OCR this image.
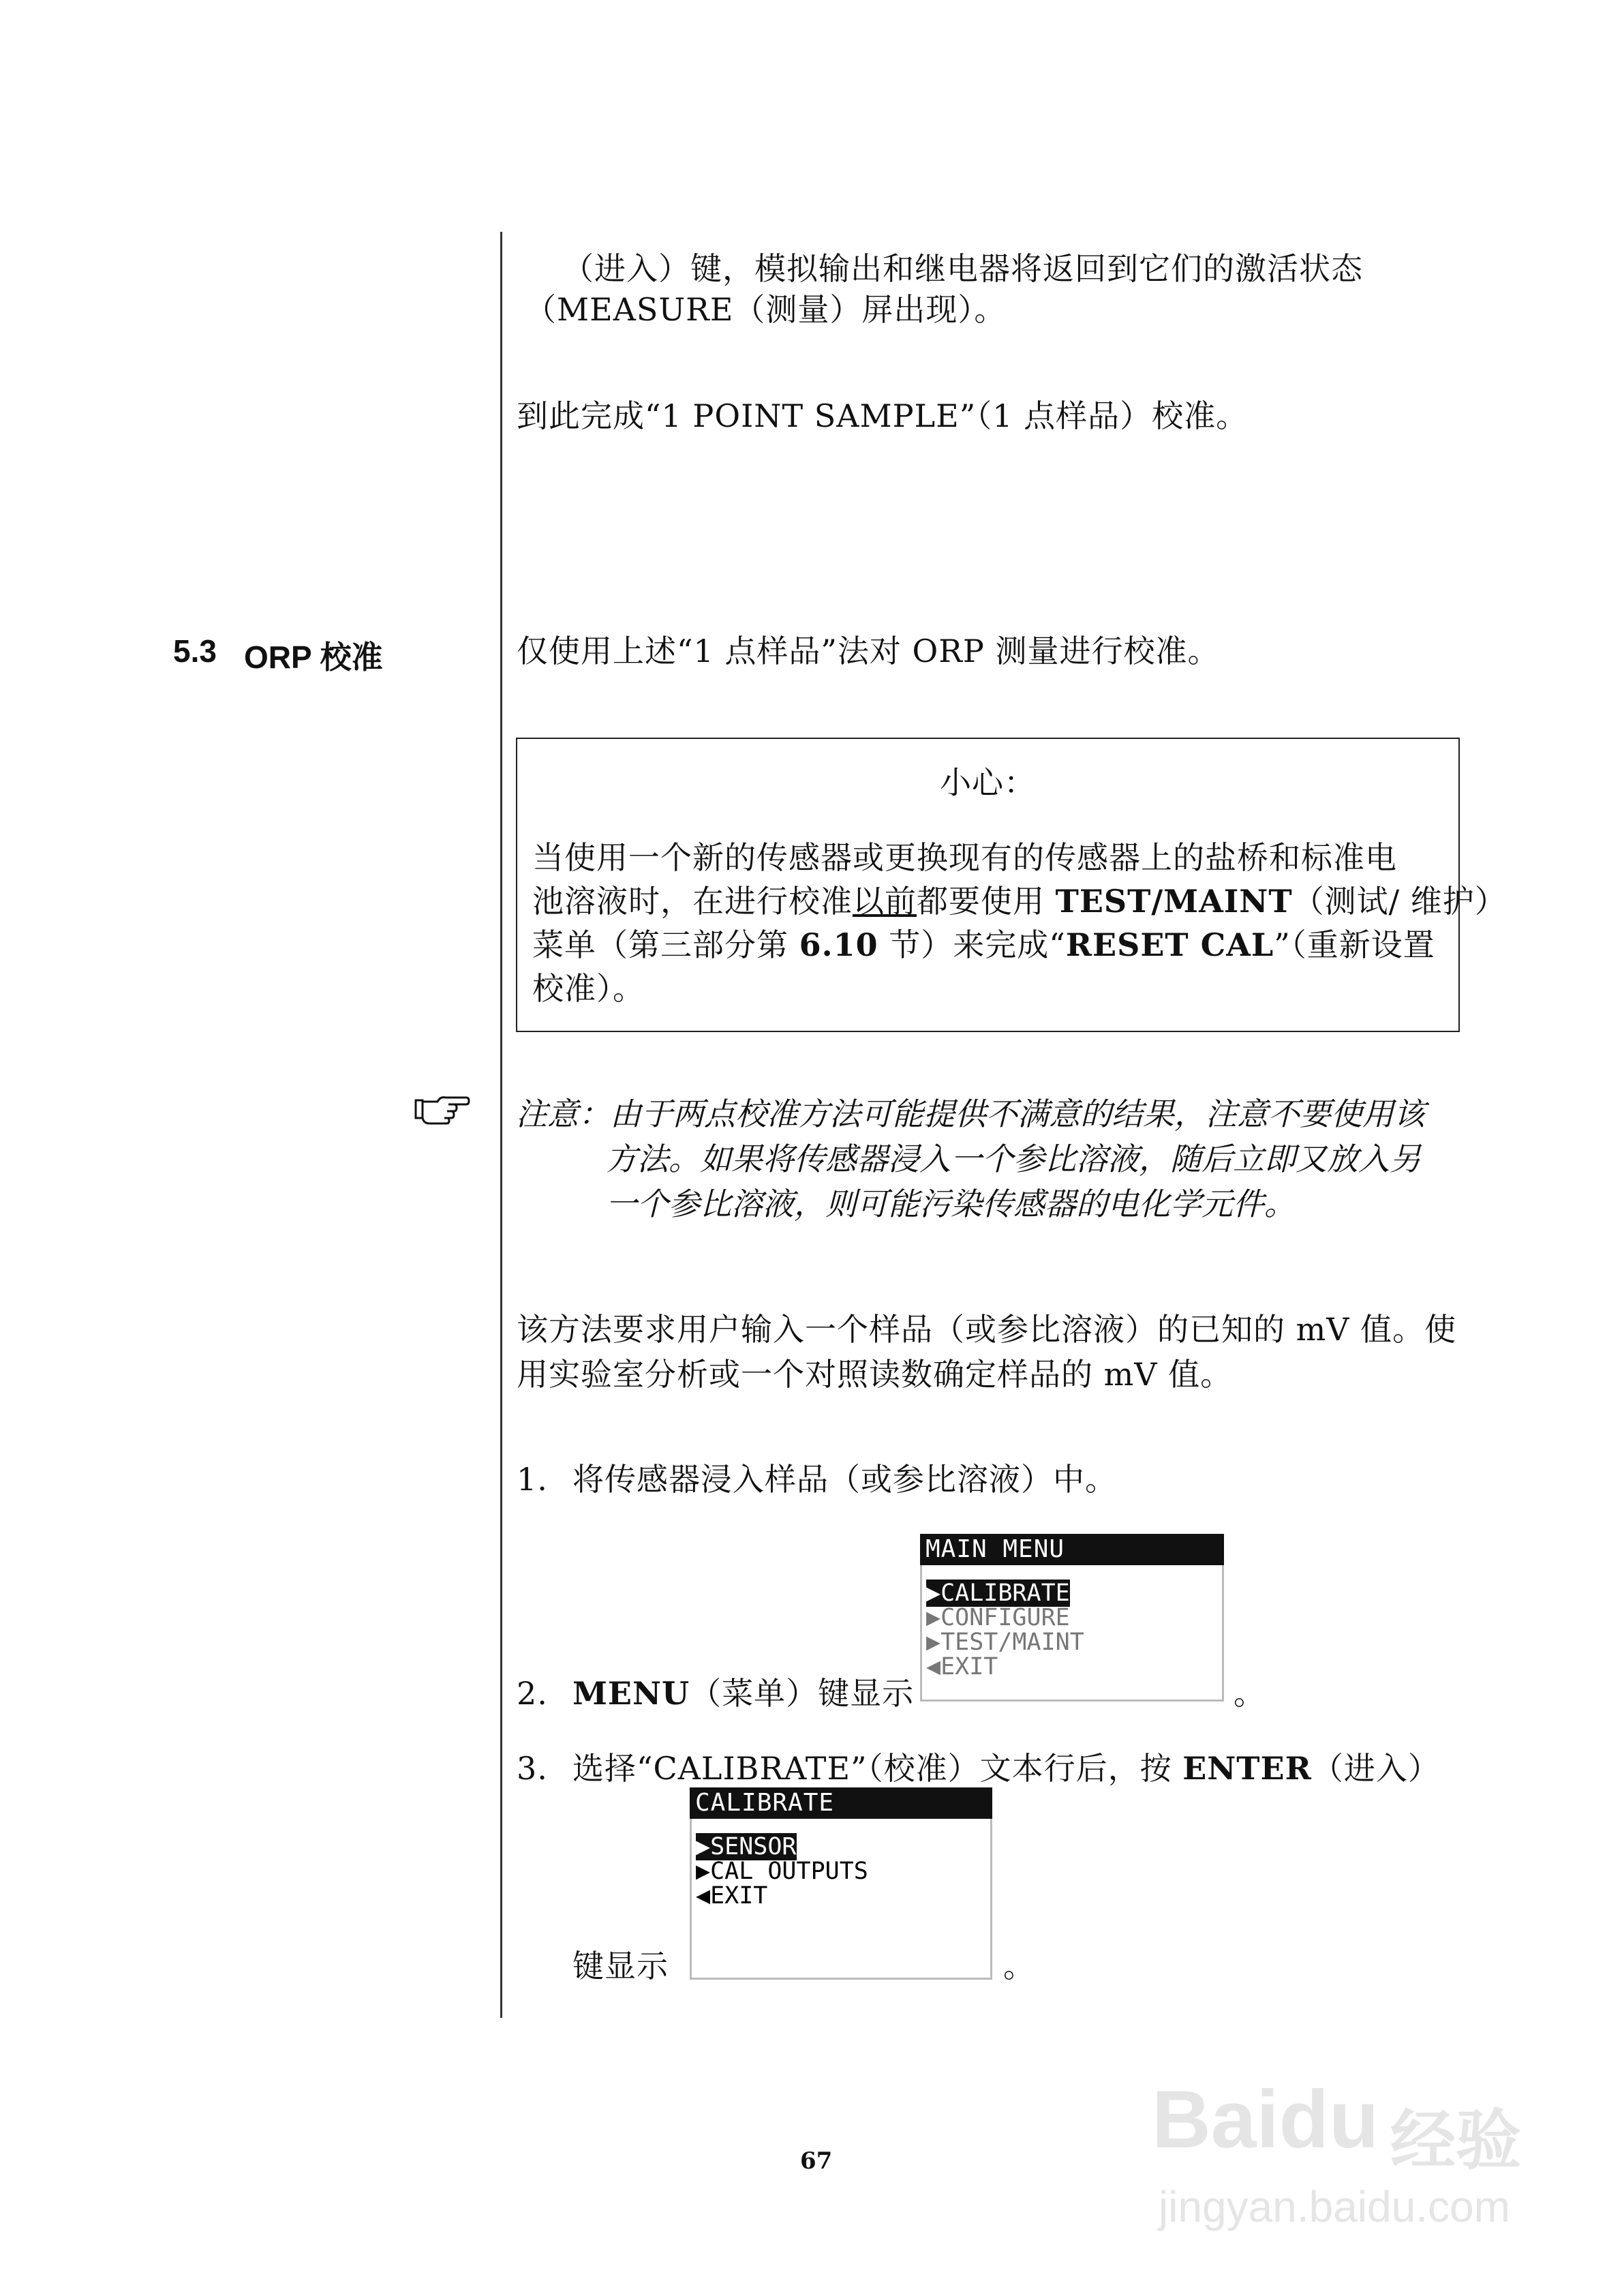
（进入）键，模拟输出和继电器将返回到它们的激活状态
（MEASURE（测量）屏出现）。
到此完成“1 POINT SAMPLE”（1 点样品）校准。
5.3 ORP 校准	仅使用上述“1 点样品”法对 ORP 测量进行校准。
小心：
当使用一个新的传感器或更换现有的传感器上的盐桥和标准电
池溶液时，在进行校准以前都要使用 TEST/MAINT（测试/ 维护）
菜单（第三部分第 6.10 节）来完成“RESET CAL”（重新设置
校准）。
注意：由于两点校准方法可能提供不满意的结果，注意不要使用该
方法。如果将传感器浸入一个参比溶液，随后立即又放入另
一个参比溶液，则可能污染传感器的电化学元件。
该方法要求用户输入一个样品（或参比溶液）的已知的 mV 值。使
用实验室分析或一个对照读数确定样品的 mV 值。
1. 将传感器浸入样品（或参比溶液）中。
MAIN MENU
▶CALIBRATE
▶CONFIGURE
▶TEST/MAINT
◀EXIT
2. MENU（菜单）键显示	。
3. 选择“CALIBRATE”（校准）文本行后，按 ENTER（进入）
CALIBRATE
▶SENSOR
▶CAL OUTPUTS
◀EXIT
键显示	。
67	Baidu 经验
jingyan.baidu.com
